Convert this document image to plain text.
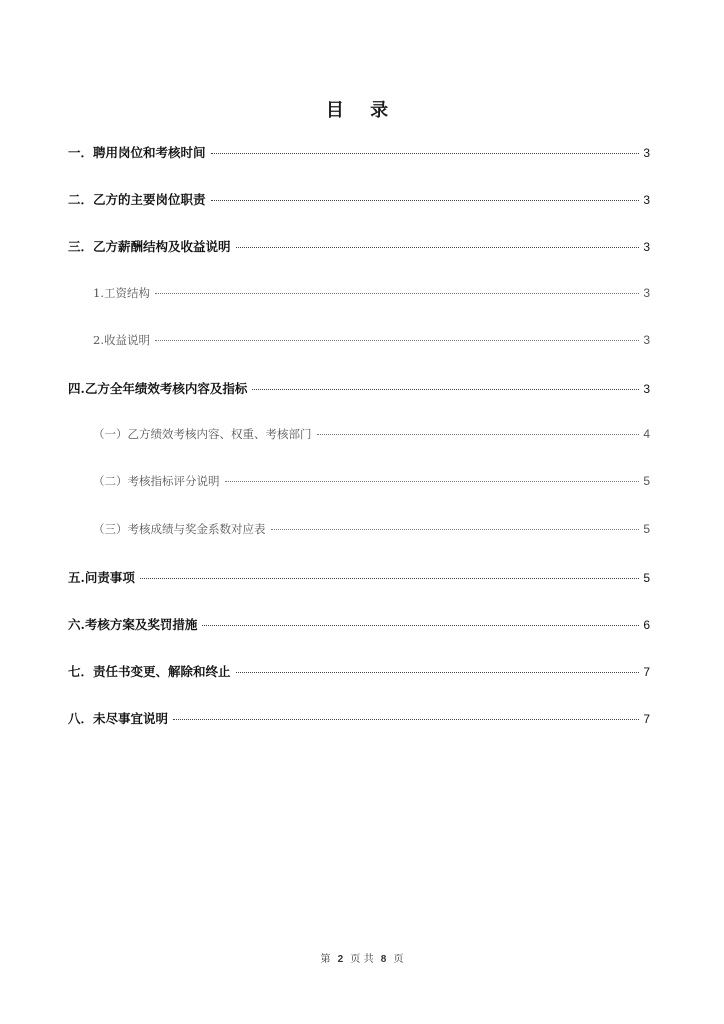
目 录
一．聘用岗位和考核时间	3
二．乙方的主要岗位职责	3
三．乙方薪酬结构及收益说明	3
1.工资结构	3
2.收益说明	3
四.乙方全年绩效考核内容及指标	3
（一）乙方绩效考核内容、权重、考核部门	4
（二）考核指标评分说明	5
（三）考核成绩与奖金系数对应表	5
五.问责事项	5
六.考核方案及奖罚措施	6
七．责任书变更、解除和终止	7
八．未尽事宜说明	7
第 2 页 共 8 页
